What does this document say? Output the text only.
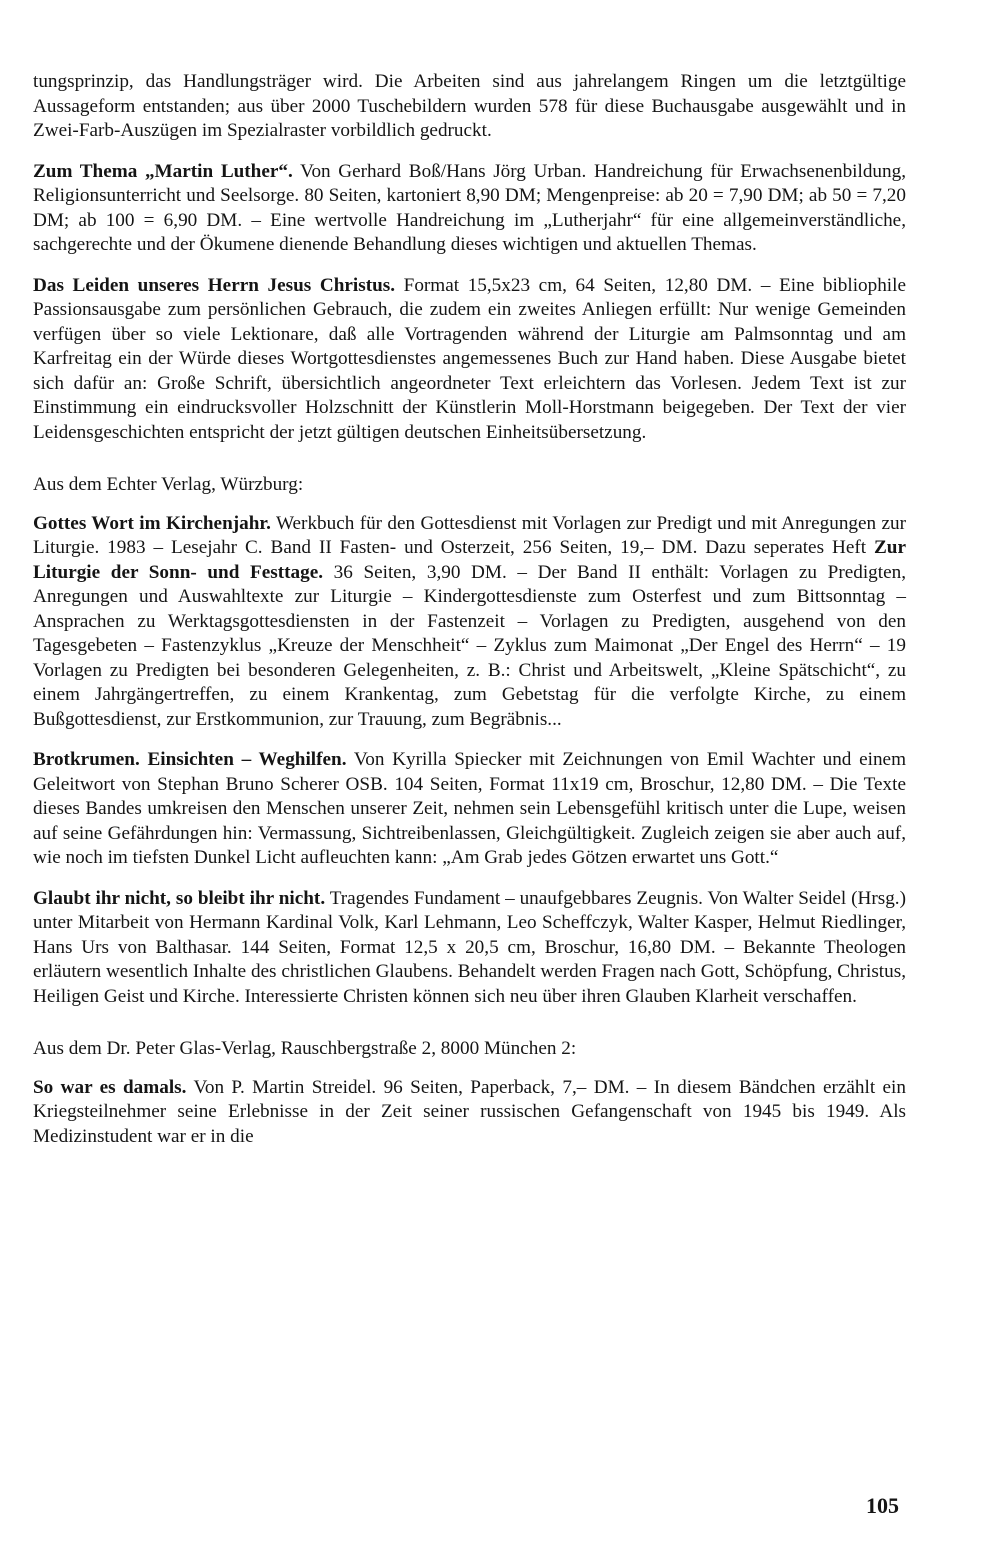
tungsprinzip, das Handlungsträger wird. Die Arbeiten sind aus jahrelangem Ringen um die letztgültige Aussageform entstanden; aus über 2000 Tuschebildern wurden 578 für diese Buchausgabe ausgewählt und in Zwei-Farb-Auszügen im Spezialraster vorbildlich gedruckt.

Zum Thema „Martin Luther“. Von Gerhard Boß/Hans Jörg Urban. Handreichung für Erwachsenenbildung, Religionsunterricht und Seelsorge. 80 Seiten, kartoniert 8,90 DM; Mengenpreise: ab 20 = 7,90 DM; ab 50 = 7,20 DM; ab 100 = 6,90 DM. – Eine wertvolle Handreichung im „Lutherjahr“ für eine allgemeinverständliche, sachgerechte und der Ökumene dienende Behandlung dieses wichtigen und aktuellen Themas.

Das Leiden unseres Herrn Jesus Christus. Format 15,5x23 cm, 64 Seiten, 12,80 DM. – Eine bibliophile Passionsausgabe zum persönlichen Gebrauch, die zudem ein zweites Anliegen erfüllt: Nur wenige Gemeinden verfügen über so viele Lektionare, daß alle Vortragenden während der Liturgie am Palmsonntag und am Karfreitag ein der Würde dieses Wortgottesdienstes angemessenes Buch zur Hand haben. Diese Ausgabe bietet sich dafür an: Große Schrift, übersichtlich angeordneter Text erleichtern das Vorlesen. Jedem Text ist zur Einstimmung ein eindrucksvoller Holzschnitt der Künstlerin Moll-Horstmann beigegeben. Der Text der vier Leidensgeschichten entspricht der jetzt gültigen deutschen Einheitsübersetzung.

Aus dem Echter Verlag, Würzburg:

Gottes Wort im Kirchenjahr. Werkbuch für den Gottesdienst mit Vorlagen zur Predigt und mit Anregungen zur Liturgie. 1983 – Lesejahr C. Band II Fasten- und Osterzeit, 256 Seiten, 19,– DM. Dazu seperates Heft Zur Liturgie der Sonn- und Festtage. 36 Seiten, 3,90 DM. – Der Band II enthält: Vorlagen zu Predigten, Anregungen und Auswahltexte zur Liturgie – Kindergottesdienste zum Osterfest und zum Bittsonntag – Ansprachen zu Werktagsgottesdiensten in der Fastenzeit – Vorlagen zu Predigten, ausgehend von den Tagesgebeten – Fastenzyklus „Kreuze der Menschheit“ – Zyklus zum Maimonat „Der Engel des Herrn“ – 19 Vorlagen zu Predigten bei besonderen Gelegenheiten, z. B.: Christ und Arbeitswelt, „Kleine Spätschicht“, zu einem Jahrgängertreffen, zu einem Krankentag, zum Gebetstag für die verfolgte Kirche, zu einem Bußgottesdienst, zur Erstkommunion, zur Trauung, zum Begräbnis...

Brotkrumen. Einsichten – Weghilfen. Von Kyrilla Spiecker mit Zeichnungen von Emil Wachter und einem Geleitwort von Stephan Bruno Scherer OSB. 104 Seiten, Format 11x19 cm, Broschur, 12,80 DM. – Die Texte dieses Bandes umkreisen den Menschen unserer Zeit, nehmen sein Lebensgefühl kritisch unter die Lupe, weisen auf seine Gefährdungen hin: Vermassung, Sichtreibenlassen, Gleichgültigkeit. Zugleich zeigen sie aber auch auf, wie noch im tiefsten Dunkel Licht aufleuchten kann: „Am Grab jedes Götzen erwartet uns Gott.“

Glaubt ihr nicht, so bleibt ihr nicht. Tragendes Fundament – unaufgebbares Zeugnis. Von Walter Seidel (Hrsg.) unter Mitarbeit von Hermann Kardinal Volk, Karl Lehmann, Leo Scheffczyk, Walter Kasper, Helmut Riedlinger, Hans Urs von Balthasar. 144 Seiten, Format 12,5 x 20,5 cm, Broschur, 16,80 DM. – Bekannte Theologen erläutern wesentlich Inhalte des christlichen Glaubens. Behandelt werden Fragen nach Gott, Schöpfung, Christus, Heiligen Geist und Kirche. Interessierte Christen können sich neu über ihren Glauben Klarheit verschaffen.

Aus dem Dr. Peter Glas-Verlag, Rauschbergstraße 2, 8000 München 2:

So war es damals. Von P. Martin Streidel. 96 Seiten, Paperback, 7,– DM. – In diesem Bändchen erzählt ein Kriegsteilnehmer seine Erlebnisse in der Zeit seiner russischen Gefangenschaft von 1945 bis 1949. Als Medizinstudent war er in die

105
